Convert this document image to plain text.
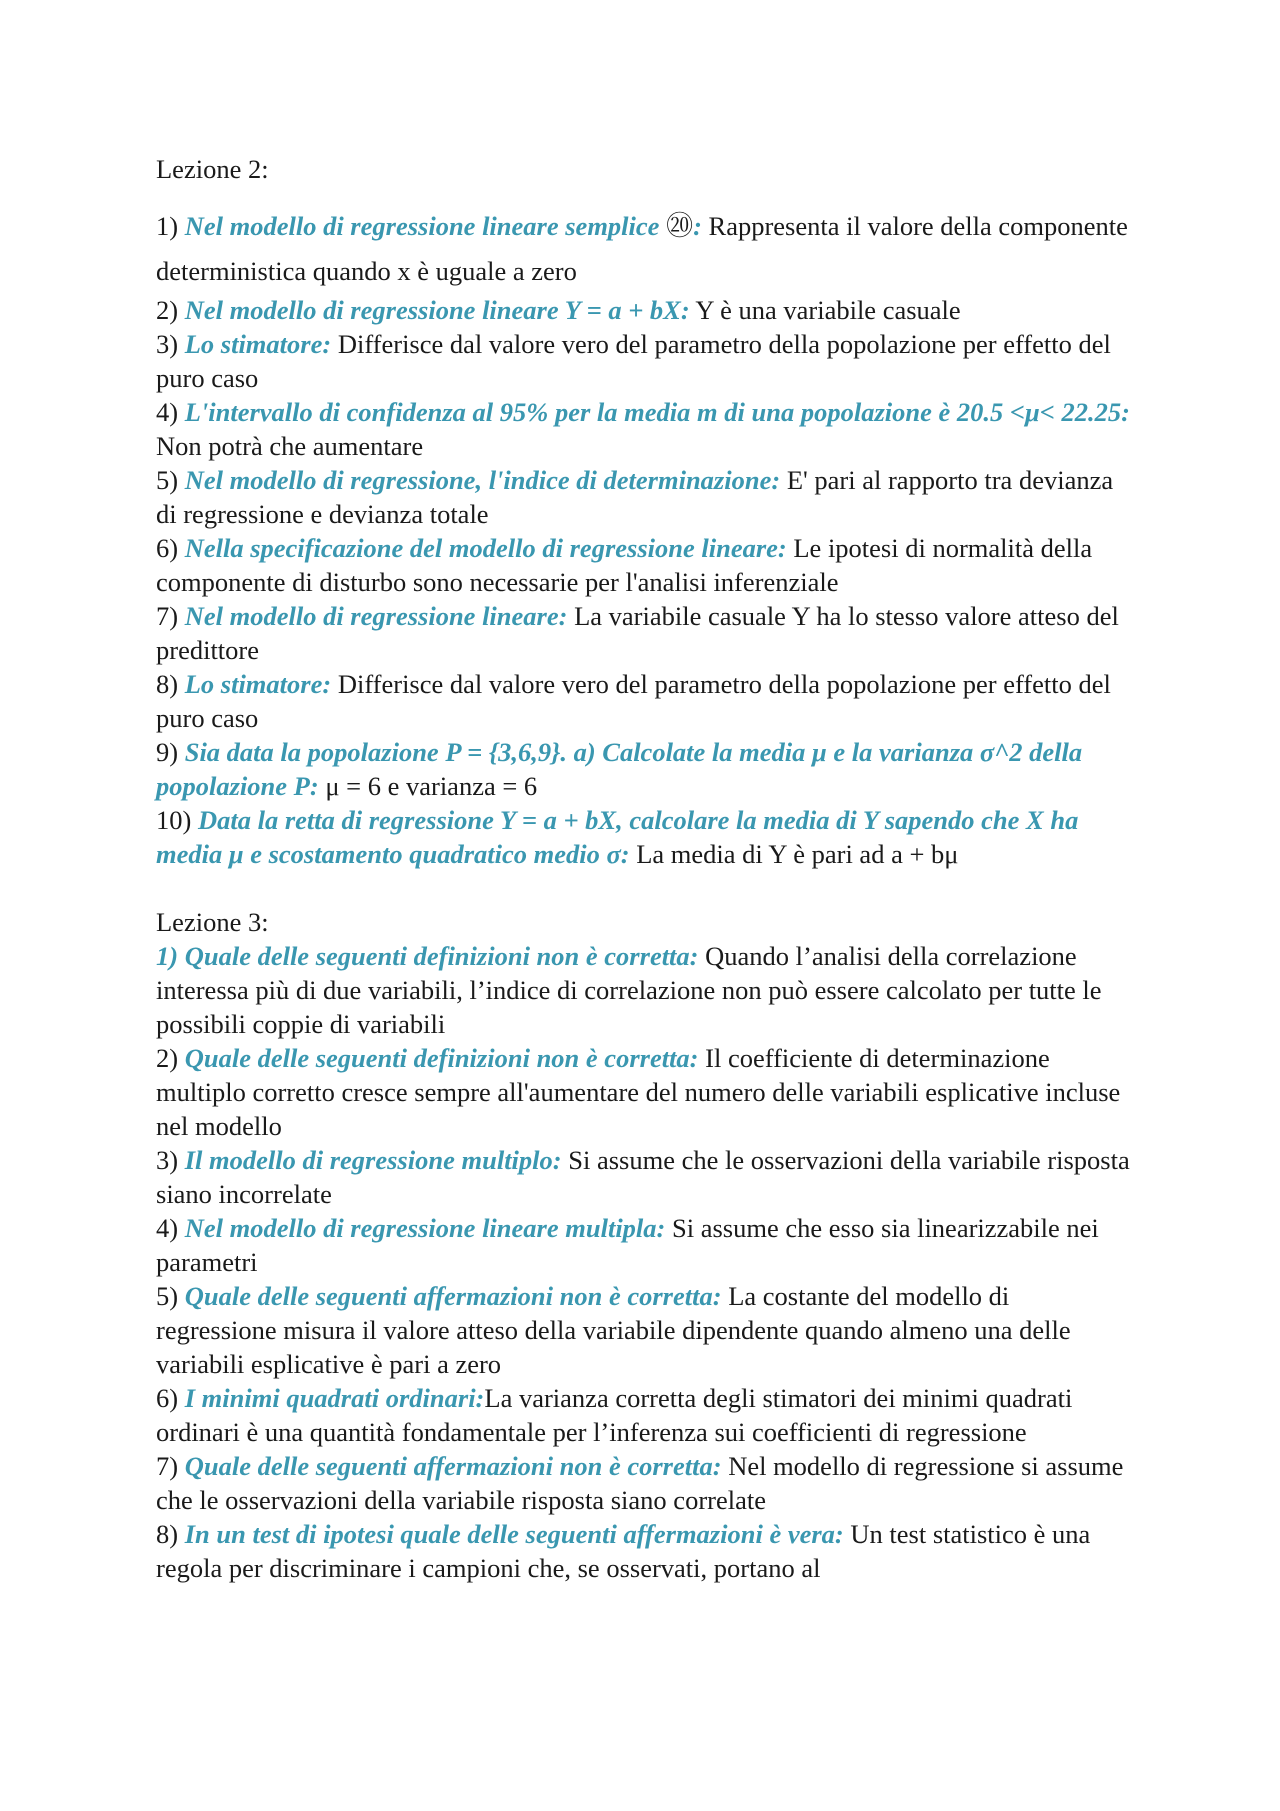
Lezione 2:

1) Nel modello di regressione lineare semplice ⑳: Rappresenta il valore della componente deterministica quando x è uguale a zero

2) Nel modello di regressione lineare Y = a + bX: Y è una variabile casuale

3) Lo stimatore: Differisce dal valore vero del parametro della popolazione per effetto del puro caso

4) L'intervallo di confidenza al 95% per la media m di una popolazione è 20.5 <μ< 22.25: Non potrà che aumentare

5) Nel modello di regressione, l'indice di determinazione: E' pari al rapporto tra devianza di regressione e devianza totale

6) Nella specificazione del modello di regressione lineare: Le ipotesi di normalità della componente di disturbo sono necessarie per l'analisi inferenziale

7) Nel modello di regressione lineare: La variabile casuale Y ha lo stesso valore atteso del predittore

8) Lo stimatore: Differisce dal valore vero del parametro della popolazione per effetto del puro caso

9) Sia data la popolazione P = {3,6,9}. a) Calcolate la media μ e la varianza σ^2 della popolazione P: μ = 6 e varianza = 6

10) Data la retta di regressione Y = a + bX, calcolare la media di Y sapendo che X ha media μ e scostamento quadratico medio σ: La media di Y è pari ad a + bμ

Lezione 3:

1) Quale delle seguenti definizioni non è corretta: Quando l’analisi della correlazione interessa più di due variabili, l’indice di correlazione non può essere calcolato per tutte le possibili coppie di variabili

2) Quale delle seguenti definizioni non è corretta: Il coefficiente di determinazione multiplo corretto cresce sempre all'aumentare del numero delle variabili esplicative incluse nel modello

3) Il modello di regressione multiplo: Si assume che le osservazioni della variabile risposta siano incorrelate

4) Nel modello di regressione lineare multipla: Si assume che esso sia linearizzabile nei parametri

5) Quale delle seguenti affermazioni non è corretta: La costante del modello di regressione misura il valore atteso della variabile dipendente quando almeno una delle variabili esplicative è pari a zero

6) I minimi quadrati ordinari:La varianza corretta degli stimatori dei minimi quadrati ordinari è una quantità fondamentale per l’inferenza sui coefficienti di regressione

7) Quale delle seguenti affermazioni non è corretta: Nel modello di regressione si assume che le osservazioni della variabile risposta siano correlate

8) In un test di ipotesi quale delle seguenti affermazioni è vera: Un test statistico è una regola per discriminare i campioni che, se osservati, portano al
